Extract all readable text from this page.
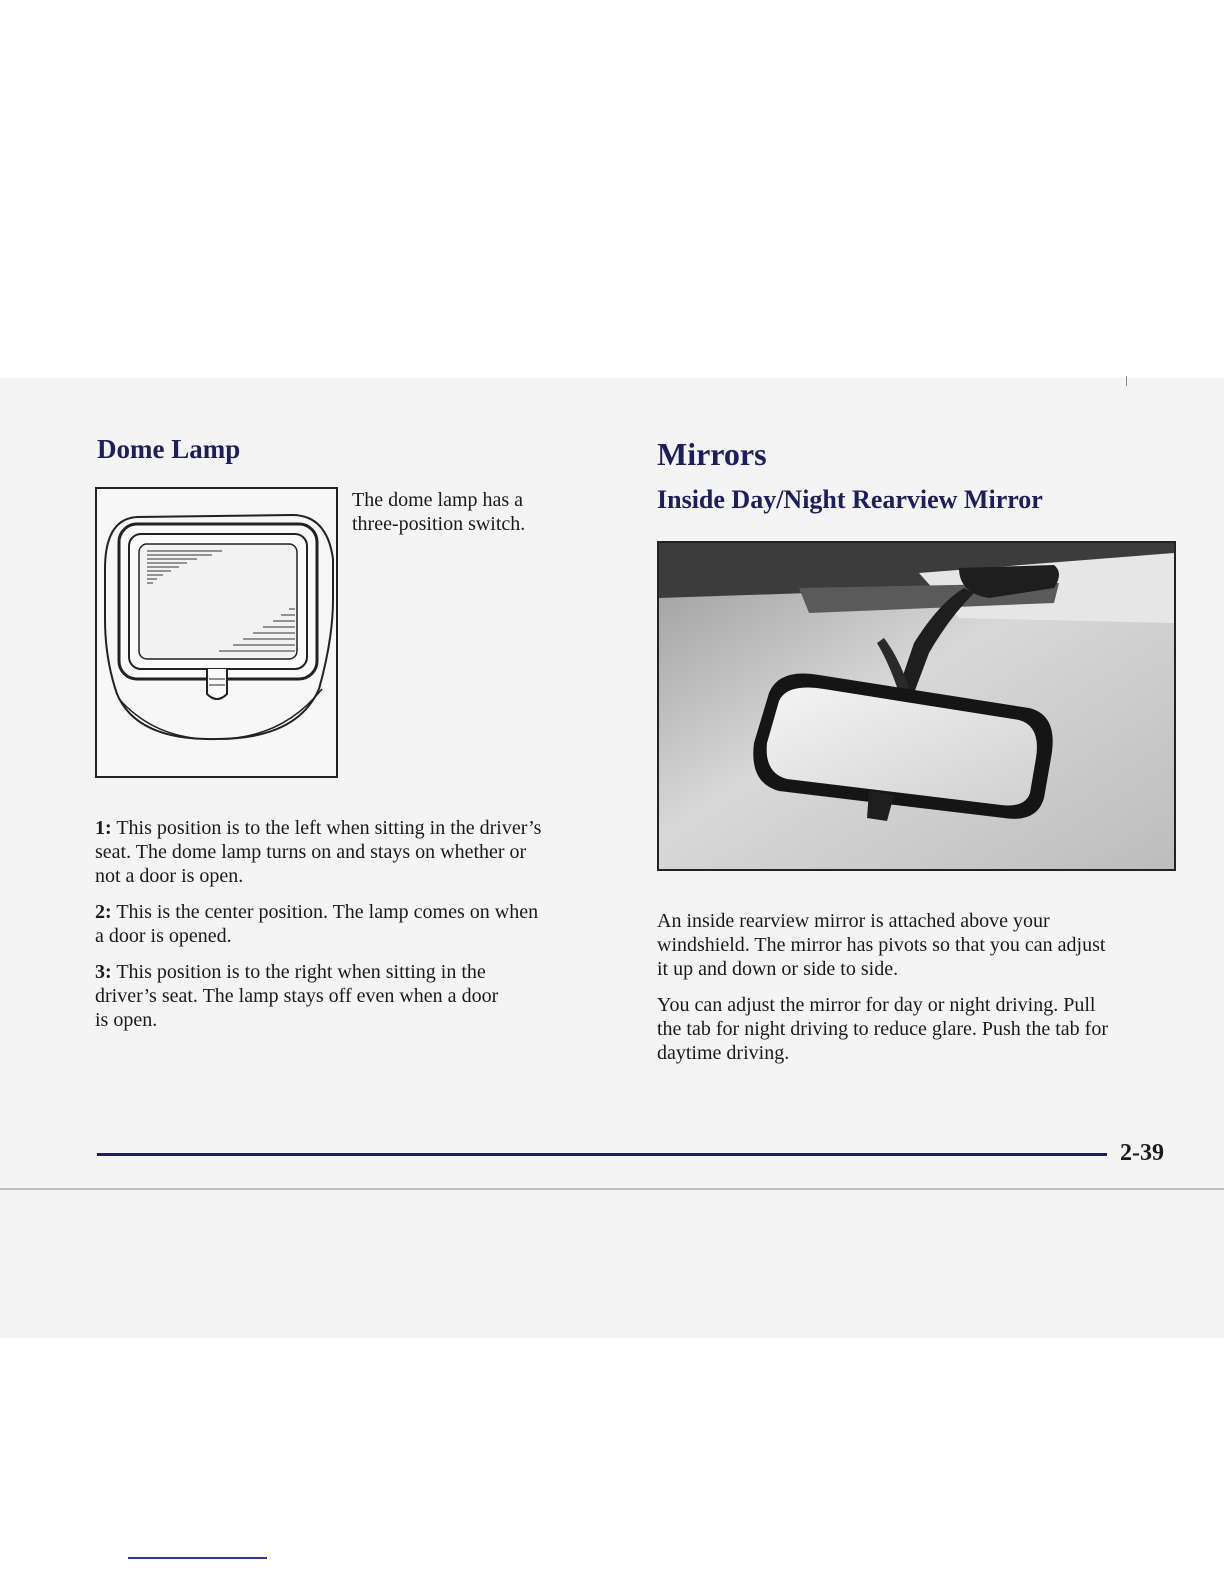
Dome Lamp

The dome lamp has a
three-position switch.

1: This position is to the left when sitting in the driver’s
seat. The dome lamp turns on and stays on whether or
not a door is open.

2: This is the center position. The lamp comes on when
a door is opened.

3: This position is to the right when sitting in the
driver’s seat. The lamp stays off even when a door
is open.

Mirrors
Inside Day/Night Rearview Mirror

An inside rearview mirror is attached above your
windshield. The mirror has pivots so that you can adjust
it up and down or side to side.

You can adjust the mirror for day or night driving. Pull
the tab for night driving to reduce glare. Push the tab for
daytime driving.

2-39
